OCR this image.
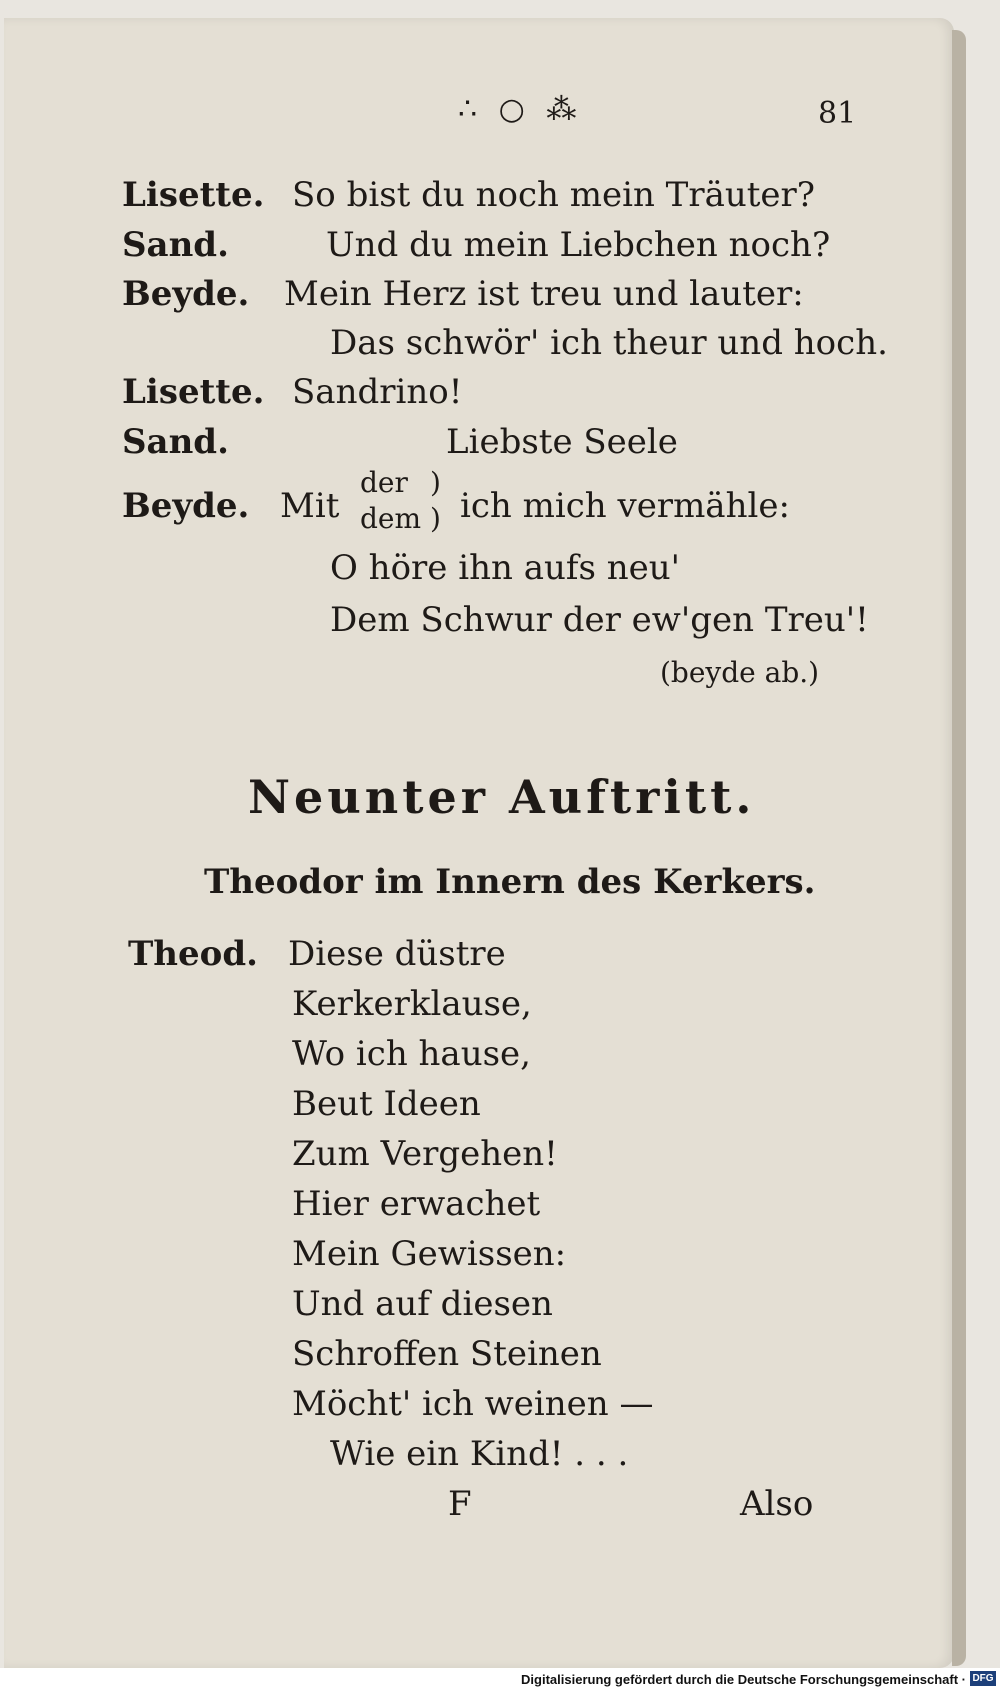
∴ ○ ⁂	81
Lisette. So bist du noch mein Träuter?
Sand.	Und du mein Liebchen noch?
Beyde. Mein Herz ist treu und lauter:
Das schwör' ich theur und hoch.
Lisette. Sandrino!
Sand.	Liebste Seele
Beyde. Mit
der
dem
)
) ich mich vermähle:
O höre ihn aufs neu'
Dem Schwur der ew'gen Treu'!
(beyde ab.)
Neunter Auftritt.
Theodor im Innern des Kerkers.
Theod. Diese düstre
Kerkerklause,
Wo ich hause,
Beut Ideen
Zum Vergehen!
Hier erwachet
Mein Gewissen:
Und auf diesen
Schroffen Steinen
Möcht' ich weinen —
Wie ein Kind! . . .
F	Also
Digitalisierung gefördert durch die Deutsche Forschungsgemeinschaft · DFG
